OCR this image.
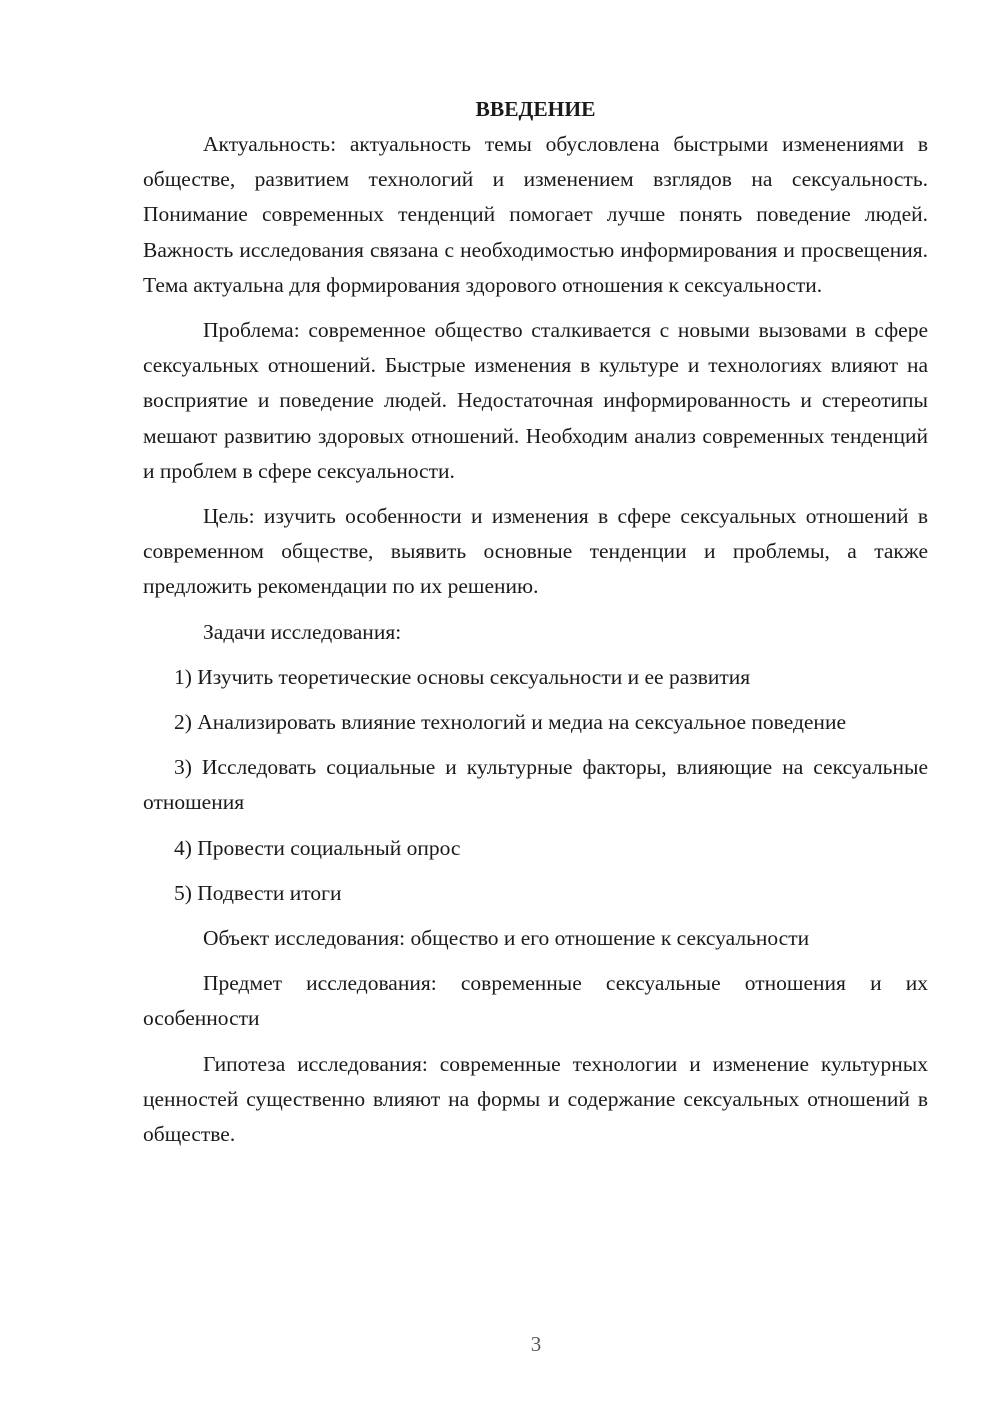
ВВЕДЕНИЕ

Актуальность: актуальность темы обусловлена быстрыми изменениями в обществе, развитием технологий и изменением взглядов на сексуальность. Понимание современных тенденций помогает лучше понять поведение людей. Важность исследования связана с необходимостью информирования и просвещения. Тема актуальна для формирования здорового отношения к сексуальности.

Проблема: современное общество сталкивается с новыми вызовами в сфере сексуальных отношений. Быстрые изменения в культуре и технологиях влияют на восприятие и поведение людей. Недостаточная информированность и стереотипы мешают развитию здоровых отношений. Необходим анализ современных тенденций и проблем в сфере сексуальности.

Цель: изучить особенности и изменения в сфере сексуальных отношений в современном обществе, выявить основные тенденции и проблемы, а также предложить рекомендации по их решению.

Задачи исследования:

1) Изучить теоретические основы сексуальности и ее развития

2) Анализировать влияние технологий и медиа на сексуальное поведение

3) Исследовать социальные и культурные факторы, влияющие на сексуальные отношения

4) Провести социальный опрос

5) Подвести итоги

Объект исследования: общество и его отношение к сексуальности

Предмет исследования: современные сексуальные отношения и их особенности

Гипотеза исследования: современные технологии и изменение культурных ценностей существенно влияют на формы и содержание сексуальных отношений в обществе.

3
